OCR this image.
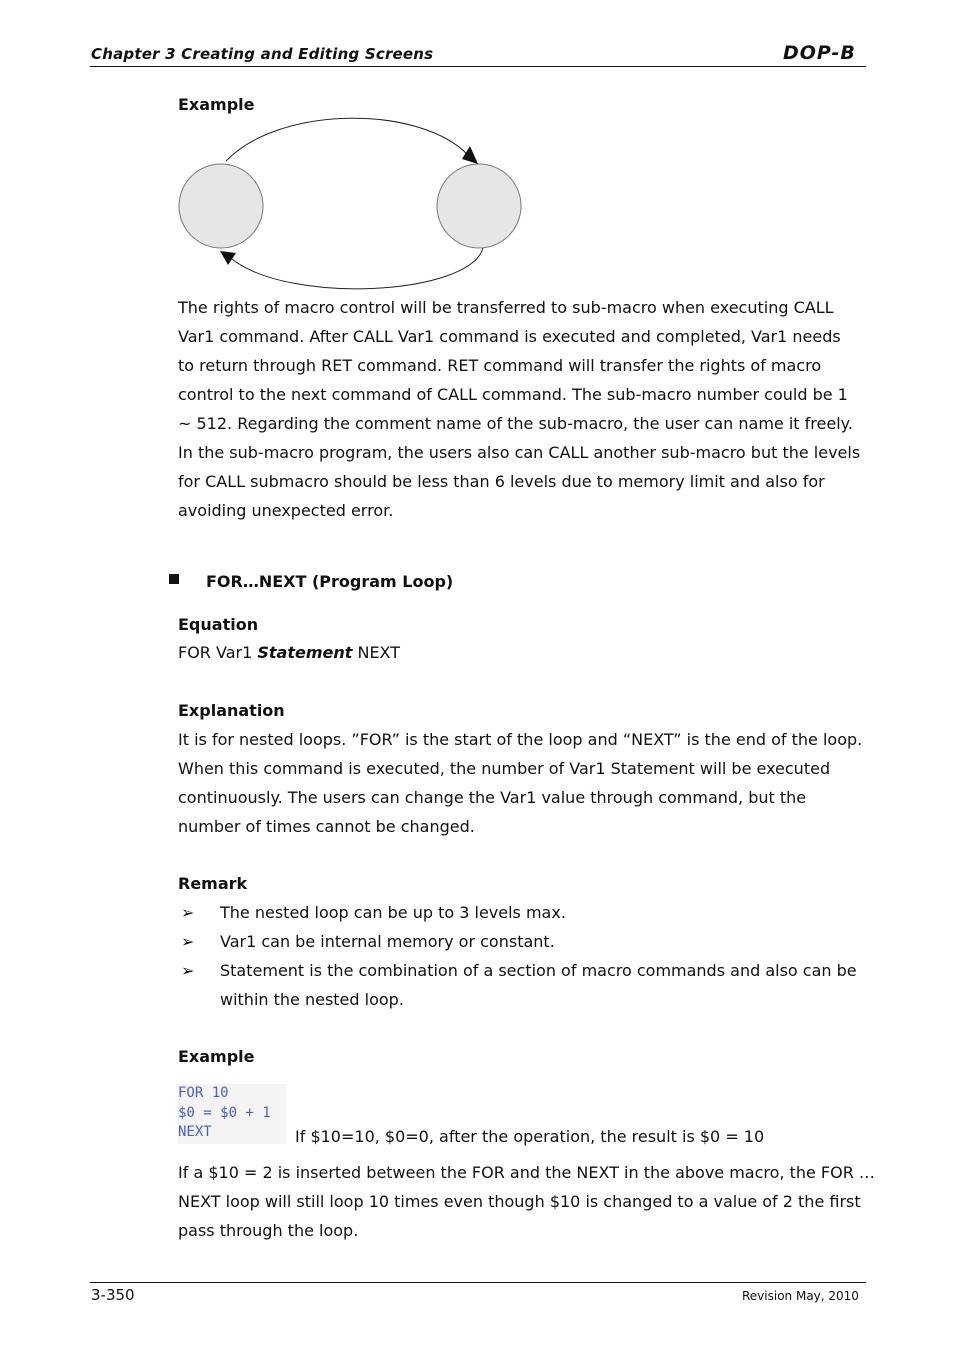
Chapter 3 Creating and Editing Screens	DOP-B
Example
The rights of macro control will be transferred to sub-macro when executing CALL
Var1 command. After CALL Var1 command is executed and completed, Var1 needs
to return through RET command. RET command will transfer the rights of macro
control to the next command of CALL command. The sub-macro number could be 1
~ 512. Regarding the comment name of the sub-macro, the user can name it freely.
In the sub-macro program, the users also can CALL another sub-macro but the levels
for CALL submacro should be less than 6 levels due to memory limit and also for
avoiding unexpected error.
FOR…NEXT (Program Loop)
Equation
FOR Var1 Statement NEXT
Explanation
It is for nested loops. ”FOR” is the start of the loop and “NEXT” is the end of the loop.
When this command is executed, the number of Var1 Statement will be executed
continuously. The users can change the Var1 value through command, but the
number of times cannot be changed.
Remark
➢ The nested loop can be up to 3 levels max.
➢ Var1 can be internal memory or constant.
➢ Statement is the combination of a section of macro commands and also can be
within the nested loop.
Example
FOR 10
$0 = $0 + 1
NEXT	If $10=10, $0=0, after the operation, the result is $0 = 10
If a $10 = 2 is inserted between the FOR and the NEXT in the above macro, the FOR …
NEXT loop will still loop 10 times even though $10 is changed to a value of 2 the first
pass through the loop.
3-350	Revision May, 2010
